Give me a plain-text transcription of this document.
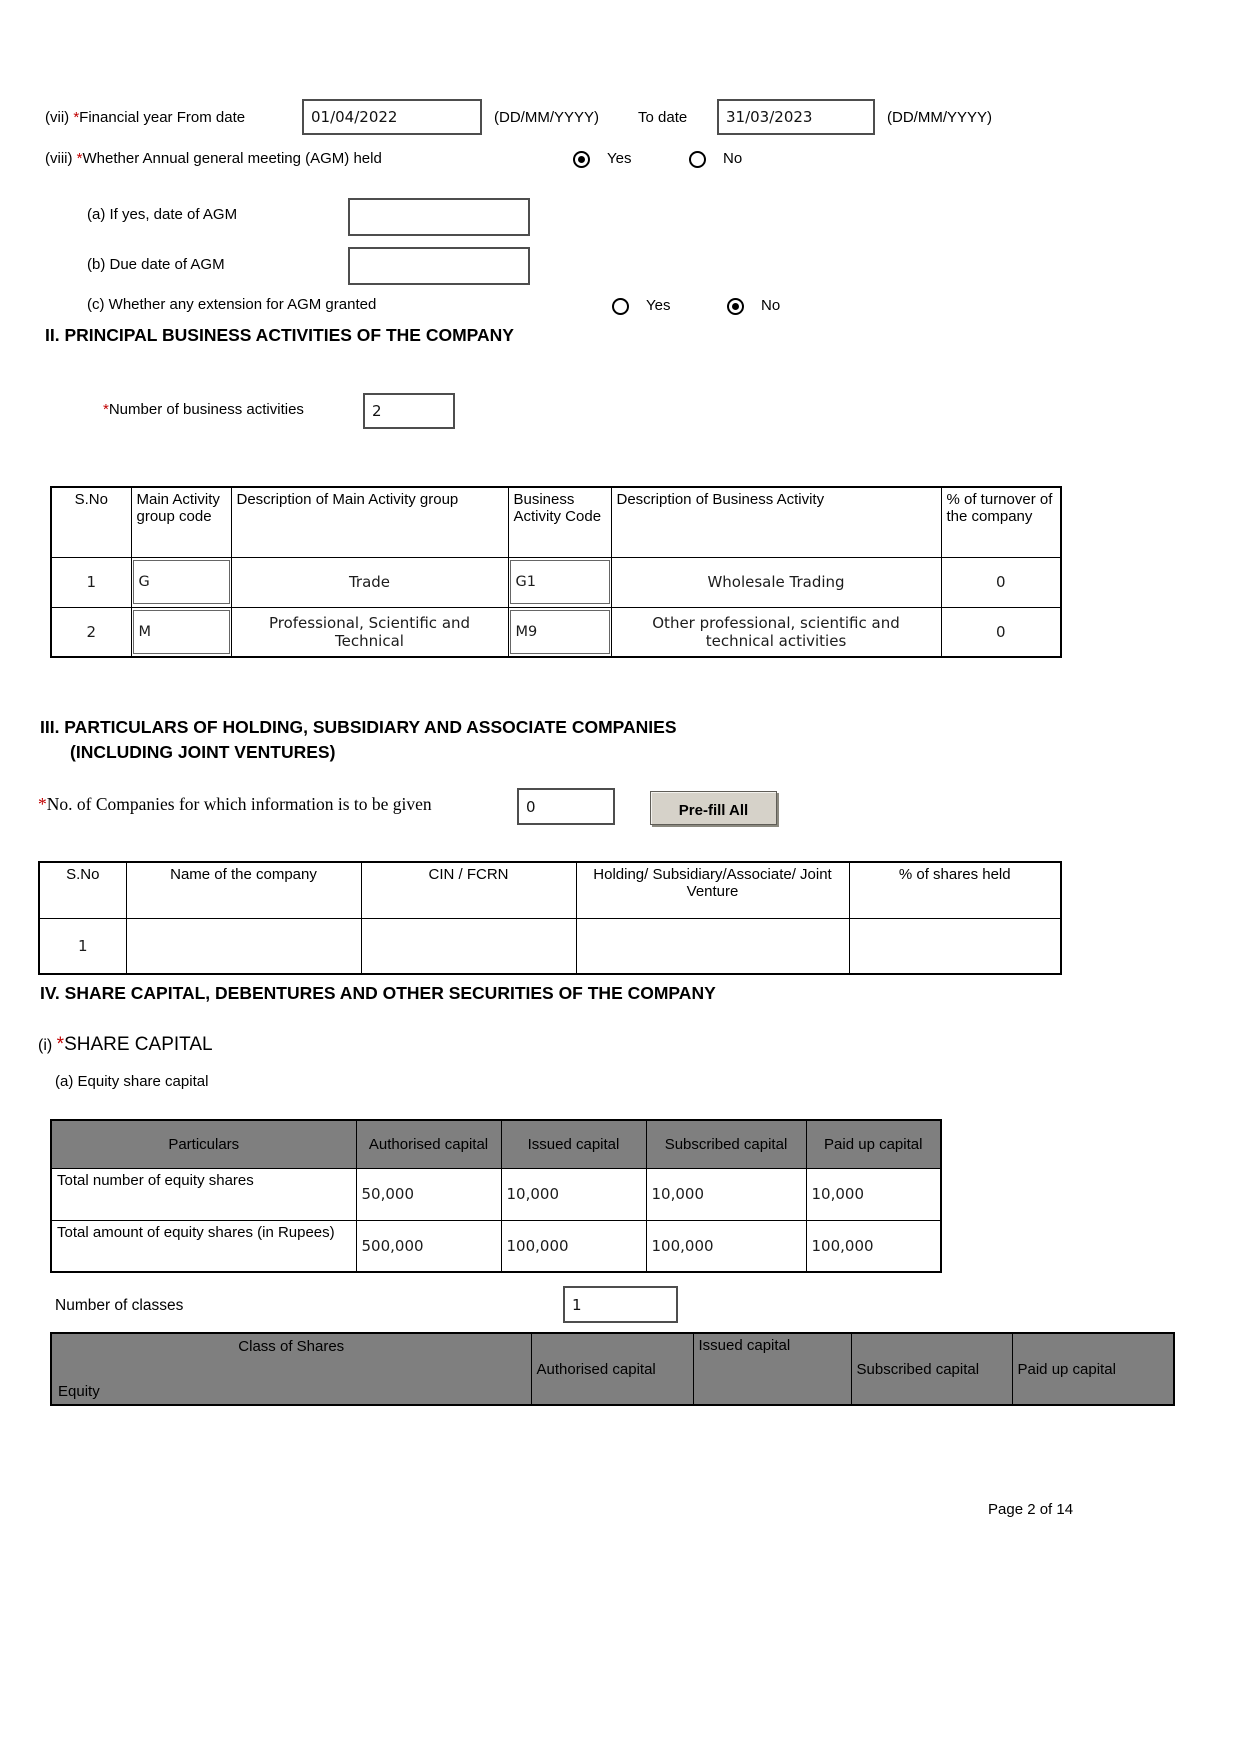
(vii) *Financial year From date
01/04/2022	(DD/MM/YYYY)	To date
31/03/2023	(DD/MM/YYYY)
(viii) *Whether Annual general meeting (AGM) held	Yes	No
(a) If yes, date of AGM
(b) Due date of AGM
(c) Whether any extension for AGM granted	Yes	No
II. PRINCIPAL BUSINESS ACTIVITIES OF THE COMPANY
*Number of business activities
2
S.No	Main Activity group code	Description of Main Activity group	Business Activity Code	Description of Business Activity	% of turnover of the company
1	G	Trade	G1	Wholesale Trading	0
2	M	Professional, Scientific and Technical	M9	Other professional, scientific and technical activities	0
III. PARTICULARS OF HOLDING, SUBSIDIARY AND ASSOCIATE COMPANIES
(INCLUDING JOINT VENTURES)
*No. of Companies for which information is to be given
0	Pre-fill All
S.No	Name of the company	CIN / FCRN	Holding/ Subsidiary/Associate/ Joint Venture	% of shares held
1				
IV. SHARE CAPITAL, DEBENTURES AND OTHER SECURITIES OF THE COMPANY
(i) *SHARE CAPITAL
(a) Equity share capital
Particulars	Authorised capital	Issued capital	Subscribed capital	Paid up capital
Total number of equity shares	50,000	10,000	10,000	10,000
Total amount of equity shares (in Rupees)	500,000	100,000	100,000	100,000
Number of classes
1
Class of Shares
Equity
	Authorised capital	Issued capital	Subscribed capital	Paid up capital
Page 2 of 14
